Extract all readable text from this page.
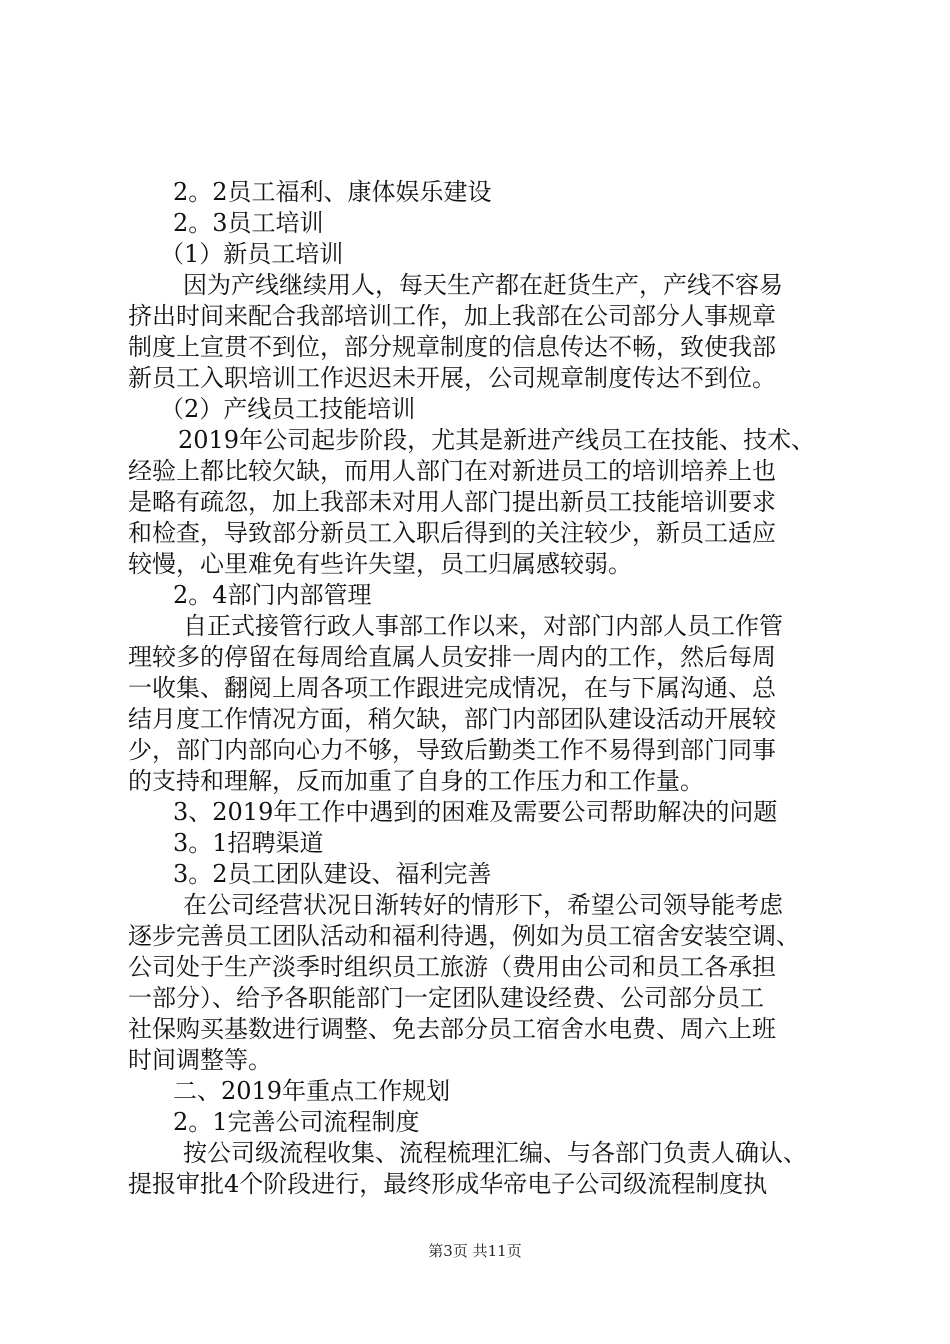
2。2员工福利、康体娱乐建设
2。3员工培训
（1）新员工培训
因为产线继续用人，每天生产都在赶货生产，产线不容易
挤出时间来配合我部培训工作，加上我部在公司部分人事规章
制度上宣贯不到位，部分规章制度的信息传达不畅，致使我部
新员工入职培训工作迟迟未开展，公司规章制度传达不到位。
（2）产线员工技能培训
2019年公司起步阶段，尤其是新进产线员工在技能、技术、
经验上都比较欠缺，而用人部门在对新进员工的培训培养上也
是略有疏忽，加上我部未对用人部门提出新员工技能培训要求
和检查，导致部分新员工入职后得到的关注较少，新员工适应
较慢，心里难免有些许失望，员工归属感较弱。
2。4部门内部管理
自正式接管行政人事部工作以来，对部门内部人员工作管
理较多的停留在每周给直属人员安排一周内的工作，然后每周
一收集、翻阅上周各项工作跟进完成情况，在与下属沟通、总
结月度工作情况方面，稍欠缺，部门内部团队建设活动开展较
少，部门内部向心力不够，导致后勤类工作不易得到部门同事
的支持和理解，反而加重了自身的工作压力和工作量。
3、2019年工作中遇到的困难及需要公司帮助解决的问题
3。1招聘渠道
3。2员工团队建设、福利完善
在公司经营状况日渐转好的情形下，希望公司领导能考虑
逐步完善员工团队活动和福利待遇，例如为员工宿舍安装空调、
公司处于生产淡季时组织员工旅游（费用由公司和员工各承担
一部分）、给予各职能部门一定团队建设经费、公司部分员工
社保购买基数进行调整、免去部分员工宿舍水电费、周六上班
时间调整等。
二、2019年重点工作规划
2。1完善公司流程制度
按公司级流程收集、流程梳理汇编、与各部门负责人确认、
提报审批4个阶段进行，最终形成华帝电子公司级流程制度执
第3页 共11页
